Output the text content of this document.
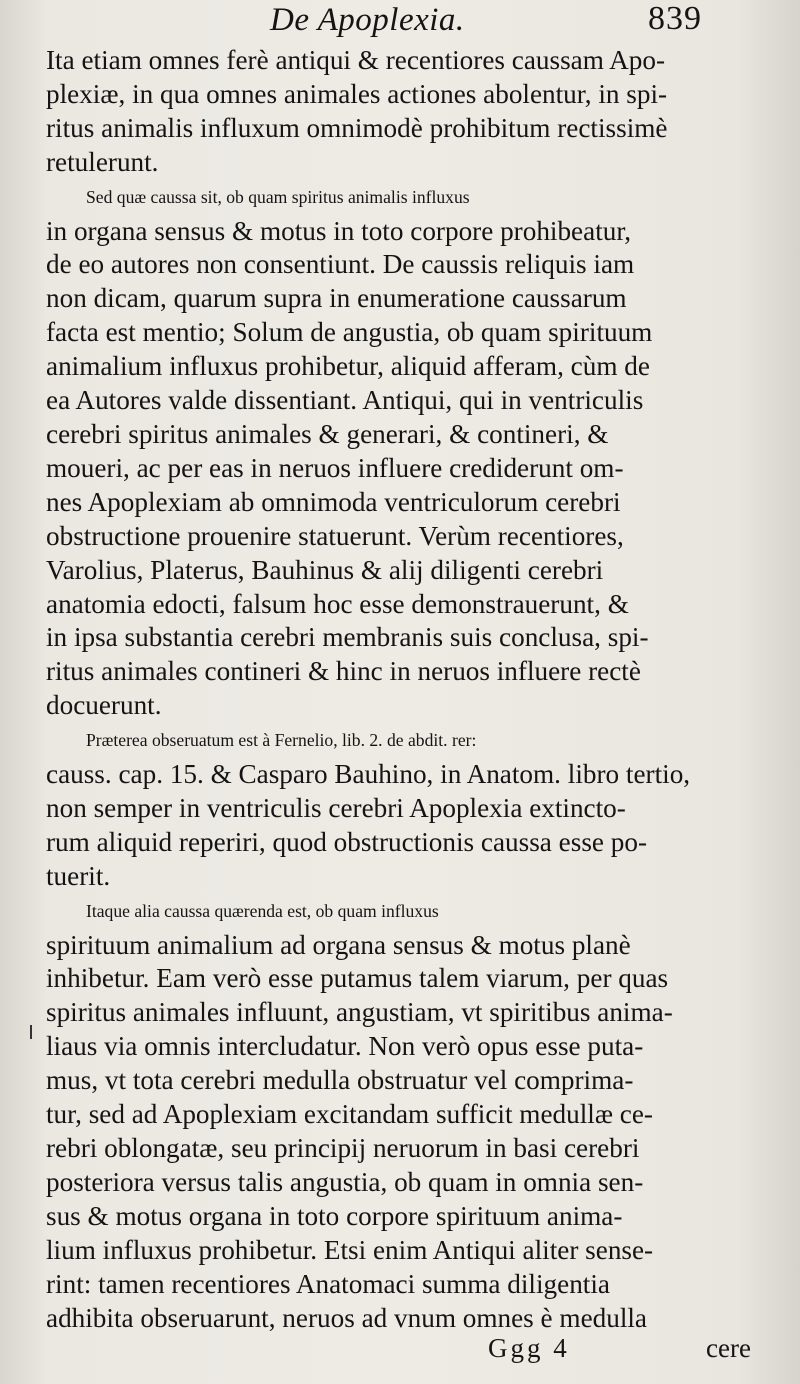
De Apoplexia.	839

Ita etiam omnes ferè antiqui & recentiores caussam Apo-

plexiæ, in qua omnes animales actiones abolentur, in spi-

ritus animalis influxum omnimodè prohibitum rectissimè

retulerunt.

Sed quæ caussa sit, ob quam spiritus animalis influxus

in organa sensus & motus in toto corpore prohibeatur,

de eo autores non consentiunt. De caussis reliquis iam

non dicam, quarum supra in enumeratione caussarum

facta est mentio; Solum de angustia, ob quam spirituum

animalium influxus prohibetur, aliquid afferam, cùm de

ea Autores valde dissentiant. Antiqui, qui in ventriculis

cerebri spiritus animales & generari, & contineri, &

moueri, ac per eas in neruos influere crediderunt om-

nes Apoplexiam ab omnimoda ventriculorum cerebri

obstructione prouenire statuerunt. Verùm recentiores,

Varolius, Platerus, Bauhinus & alij diligenti cerebri

anatomia edocti, falsum hoc esse demonstrauerunt, &

in ipsa substantia cerebri membranis suis conclusa, spi-

ritus animales contineri & hinc in neruos influere rectè

docuerunt.

Præterea obseruatum est à Fernelio, lib. 2. de abdit. rer:

causs. cap. 15. & Casparo Bauhino, in Anatom. libro tertio,

non semper in ventriculis cerebri Apoplexia extincto-

rum aliquid reperiri, quod obstructionis caussa esse po-

tuerit.

Itaque alia caussa quærenda est, ob quam influxus

spirituum animalium ad organa sensus & motus planè

inhibetur. Eam verò esse putamus talem viarum, per quas

spiritus animales influunt, angustiam, vt spiritibus anima-

liaus via omnis intercludatur. Non verò opus esse puta-

mus, vt tota cerebri medulla obstruatur vel comprima-

tur, sed ad Apoplexiam excitandam sufficit medullæ ce-

rebri oblongatæ, seu principij neruorum in basi cerebri

posteriora versus talis angustia, ob quam in omnia sen-

sus & motus organa in toto corpore spirituum anima-

lium influxus prohibetur. Etsi enim Antiqui aliter sense-

rint: tamen recentiores Anatomaci summa diligentia

adhibita obseruarunt, neruos ad vnum omnes è medulla

Ggg 4	cere
